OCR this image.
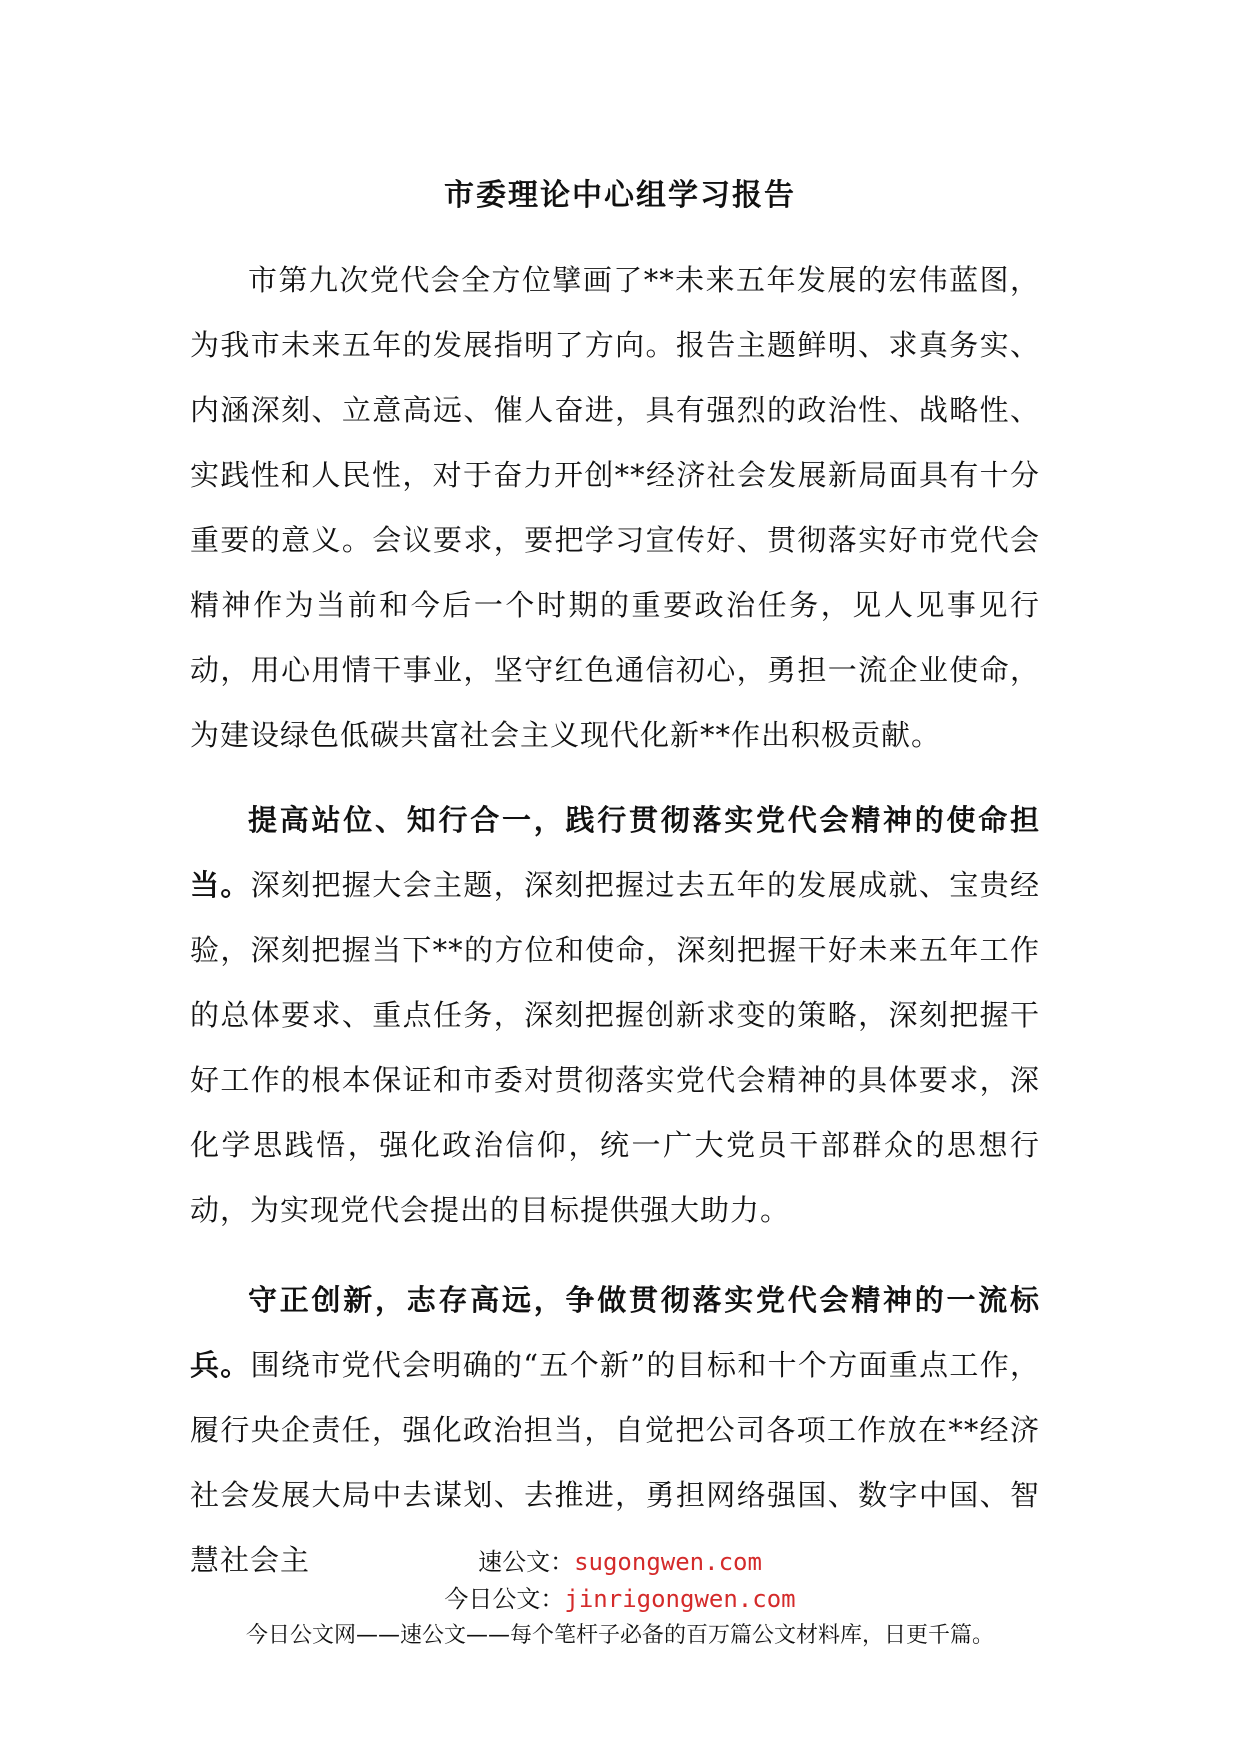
市委理论中心组学习报告

市第九次党代会全方位擘画了**未来五年发展的宏伟蓝图，为我市未来五年的发展指明了方向。报告主题鲜明、求真务实、内涵深刻、立意高远、催人奋进，具有强烈的政治性、战略性、实践性和人民性，对于奋力开创**经济社会发展新局面具有十分重要的意义。会议要求，要把学习宣传好、贯彻落实好市党代会精神作为当前和今后一个时期的重要政治任务，见人见事见行动，用心用情干事业，坚守红色通信初心，勇担一流企业使命，为建设绿色低碳共富社会主义现代化新**作出积极贡献。

提高站位、知行合一，践行贯彻落实党代会精神的使命担当。深刻把握大会主题，深刻把握过去五年的发展成就、宝贵经验，深刻把握当下**的方位和使命，深刻把握干好未来五年工作的总体要求、重点任务，深刻把握创新求变的策略，深刻把握干好工作的根本保证和市委对贯彻落实党代会精神的具体要求，深化学思践悟，强化政治信仰，统一广大党员干部群众的思想行动，为实现党代会提出的目标提供强大助力。

守正创新，志存高远，争做贯彻落实党代会精神的一流标兵。围绕市党代会明确的“五个新”的目标和十个方面重点工作，履行央企责任，强化政治担当，自觉把公司各项工作放在**经济社会发展大局中去谋划、去推进，勇担网络强国、数字中国、智慧社会主	速公文：sugongwen.com

今日公文：jinrigongwen.com

今日公文网——速公文——每个笔杆子必备的百万篇公文材料库，日更千篇。
